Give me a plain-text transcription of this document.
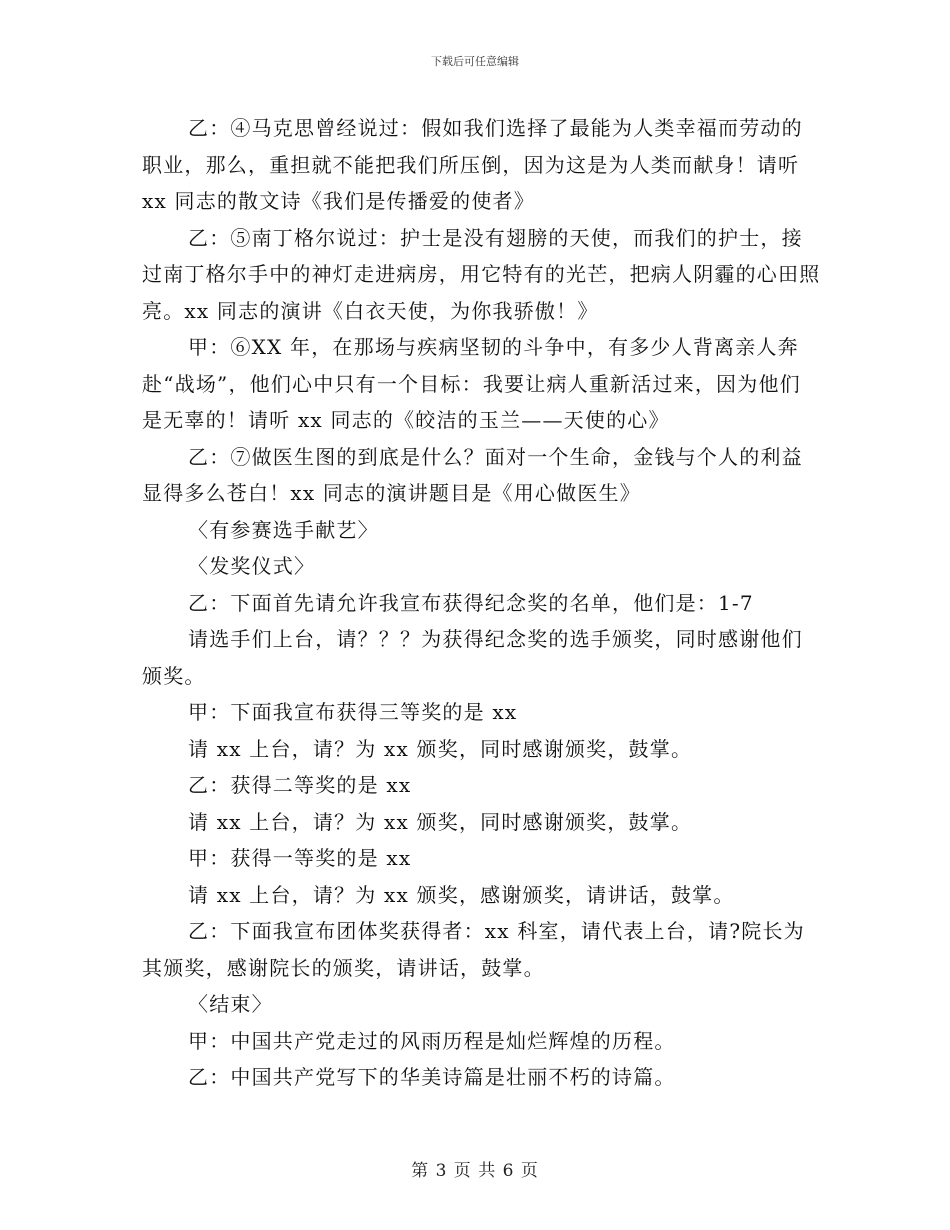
下载后可任意编辑

乙：④马克思曾经说过：假如我们选择了最能为人类幸福而劳动的职业，那么，重担就不能把我们所压倒，因为这是为人类而献身！请听 xx 同志的散文诗《我们是传播爱的使者》

乙：⑤南丁格尔说过：护士是没有翅膀的天使，而我们的护士，接过南丁格尔手中的神灯走进病房，用它特有的光芒，把病人阴霾的心田照亮。xx 同志的演讲《白衣天使，为你我骄傲！》

甲：⑥XX 年，在那场与疾病坚韧的斗争中，有多少人背离亲人奔赴“战场”，他们心中只有一个目标：我要让病人重新活过来，因为他们是无辜的！请听 xx 同志的《皎洁的玉兰——天使的心》

乙：⑦做医生图的到底是什么？面对一个生命，金钱与个人的利益显得多么苍白！xx 同志的演讲题目是《用心做医生》

〈有参赛选手献艺〉

〈发奖仪式〉

乙：下面首先请允许我宣布获得纪念奖的名单，他们是：1-7

请选手们上台，请？？？为获得纪念奖的选手颁奖，同时感谢他们颁奖。

甲：下面我宣布获得三等奖的是 xx

请 xx 上台，请？为 xx 颁奖，同时感谢颁奖，鼓掌。

乙：获得二等奖的是 xx

请 xx 上台，请？为 xx 颁奖，同时感谢颁奖，鼓掌。

甲：获得一等奖的是 xx

请 xx 上台，请？为 xx 颁奖，感谢颁奖，请讲话，鼓掌。

乙：下面我宣布团体奖获得者：xx 科室，请代表上台，请?院长为其颁奖，感谢院长的颁奖，请讲话，鼓掌。

〈结束〉

甲：中国共产党走过的风雨历程是灿烂辉煌的历程。

乙：中国共产党写下的华美诗篇是壮丽不朽的诗篇。

第 3 页 共 6 页
